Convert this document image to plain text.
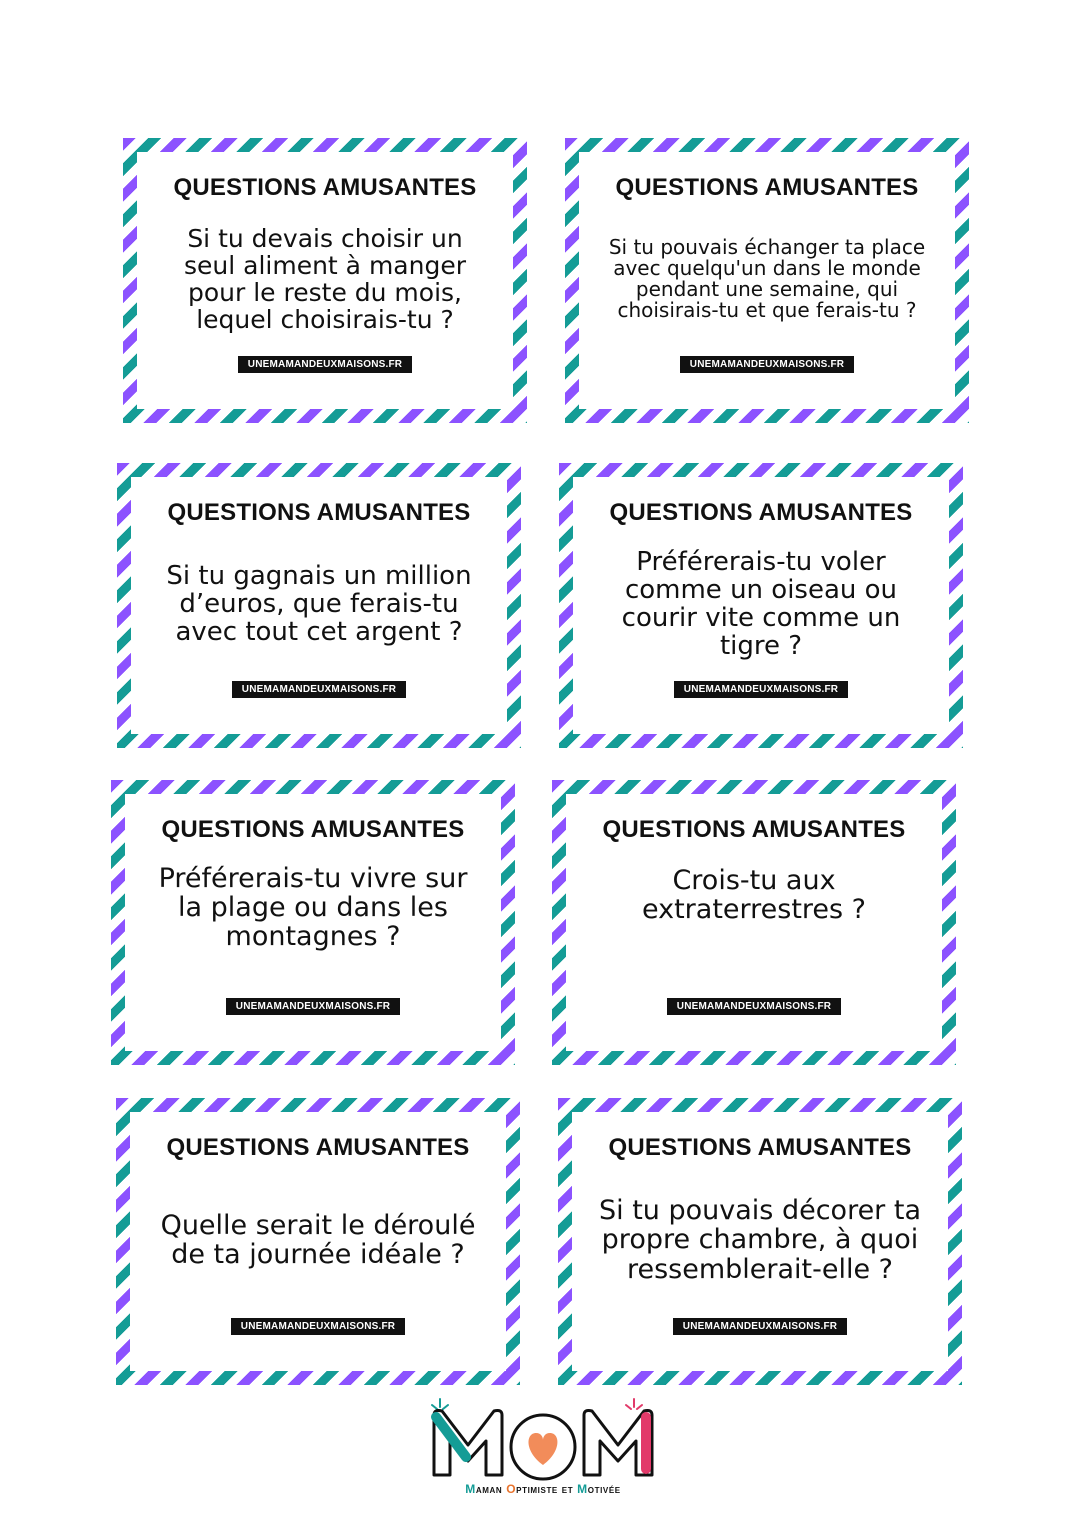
QUESTIONS AMUSANTES
Si tu devais choisir un seul aliment à manger pour le reste du mois, lequel choisirais-tu ?
UNEMAMANDEUXMAISONS.FR
QUESTIONS AMUSANTES
Si tu pouvais échanger ta place avec quelqu'un dans le monde pendant une semaine, qui choisirais-tu et que ferais-tu ?
UNEMAMANDEUXMAISONS.FR
QUESTIONS AMUSANTES
Si tu gagnais un million d’euros, que ferais-tu avec tout cet argent ?
UNEMAMANDEUXMAISONS.FR
QUESTIONS AMUSANTES
Préférerais-tu voler comme un oiseau ou courir vite comme un tigre ?
UNEMAMANDEUXMAISONS.FR
QUESTIONS AMUSANTES
Préférerais-tu vivre sur la plage ou dans les montagnes ?
UNEMAMANDEUXMAISONS.FR
QUESTIONS AMUSANTES
Crois-tu aux extraterrestres ?
UNEMAMANDEUXMAISONS.FR
QUESTIONS AMUSANTES
Quelle serait le déroulé de ta journée idéale ?
UNEMAMANDEUXMAISONS.FR
QUESTIONS AMUSANTES
Si tu pouvais décorer ta propre chambre, à quoi ressemblerait-elle ?
UNEMAMANDEUXMAISONS.FR
Maman Optimiste et Motivée
